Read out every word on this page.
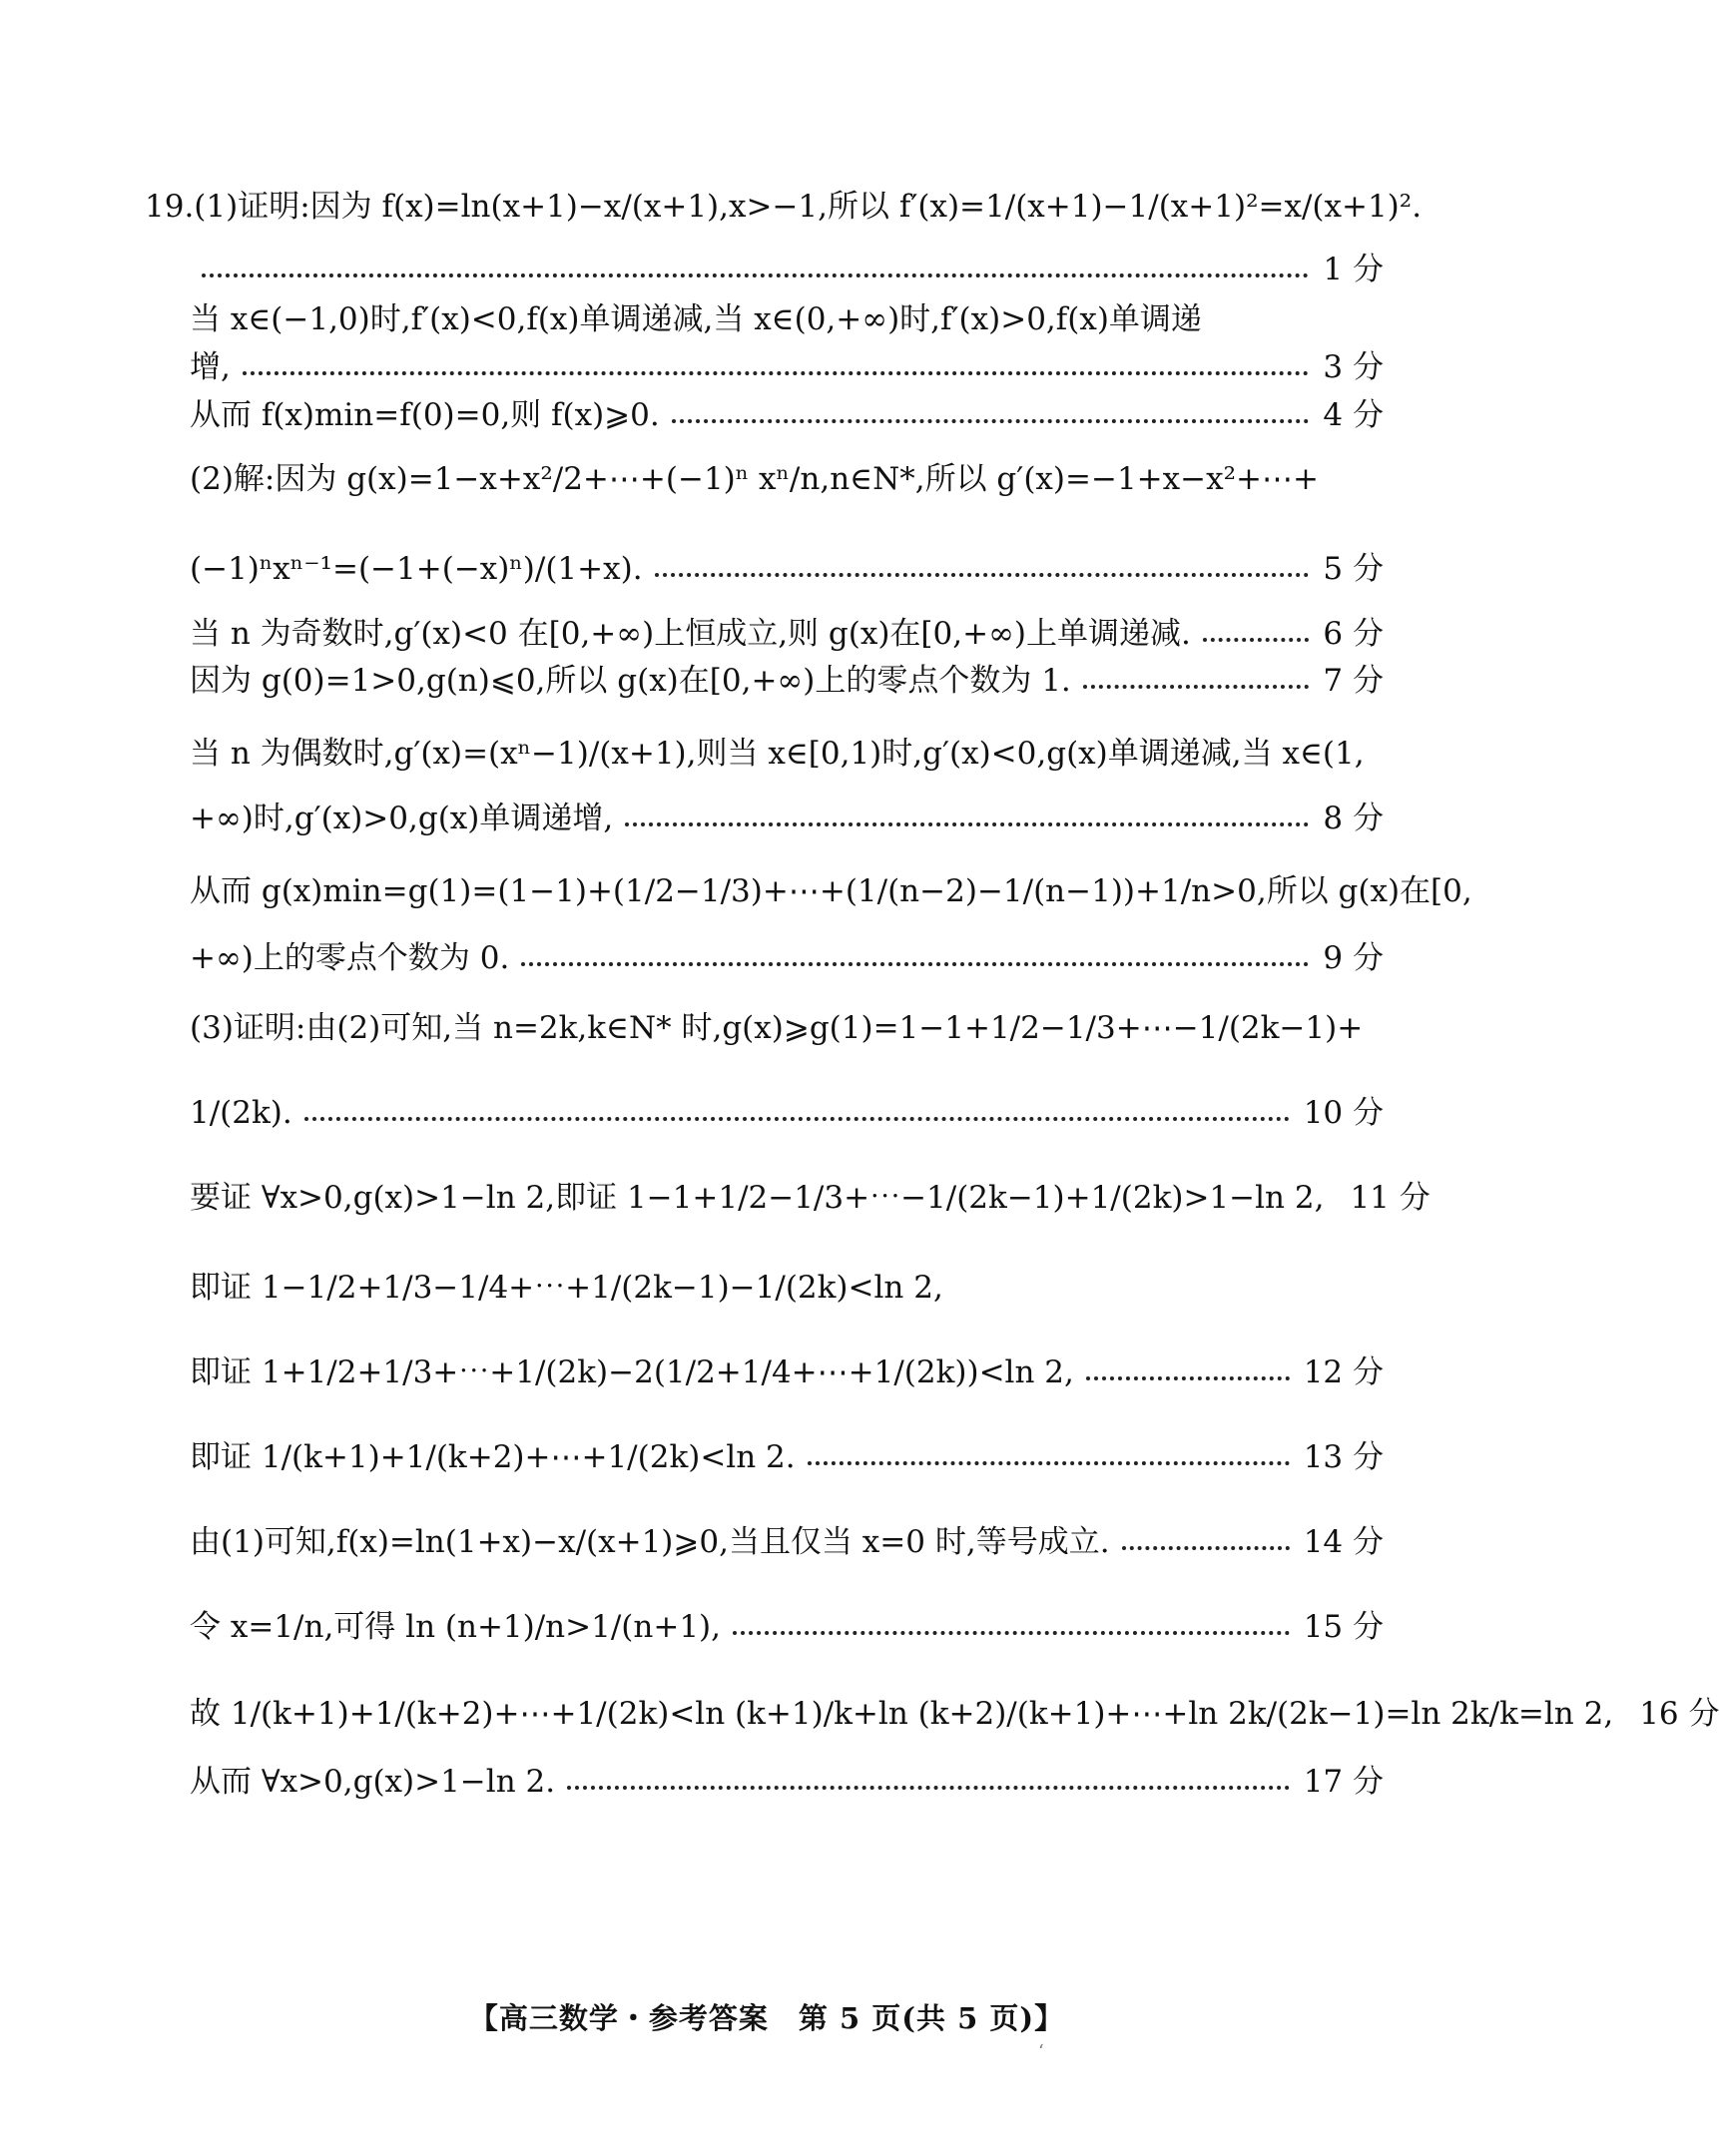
19.(1)证明:因为 f(x)=ln(x+1)−x/(x+1),x>−1,所以 f′(x)=1/(x+1)−1/(x+1)²=x/(x+1)².
1 分
当 x∈(−1,0)时,f′(x)<0,f(x)单调递减,当 x∈(0,+∞)时,f′(x)>0,f(x)单调递
增,	3 分
从而 f(x)min=f(0)=0,则 f(x)⩾0.	4 分
(2)解:因为 g(x)=1−x+x²/2+⋯+(−1)ⁿ xⁿ/n,n∈N*,所以 g′(x)=−1+x−x²+⋯+
(−1)ⁿxⁿ⁻¹=(−1+(−x)ⁿ)/(1+x).	5 分
当 n 为奇数时,g′(x)<0 在[0,+∞)上恒成立,则 g(x)在[0,+∞)上单调递减.	6 分
因为 g(0)=1>0,g(n)⩽0,所以 g(x)在[0,+∞)上的零点个数为 1.	7 分
当 n 为偶数时,g′(x)=(xⁿ−1)/(x+1),则当 x∈[0,1)时,g′(x)<0,g(x)单调递减,当 x∈(1,
+∞)时,g′(x)>0,g(x)单调递增,	8 分
从而 g(x)min=g(1)=(1−1)+(1/2−1/3)+⋯+(1/(n−2)−1/(n−1))+1/n>0,所以 g(x)在[0,
+∞)上的零点个数为 0.	9 分
(3)证明:由(2)可知,当 n=2k,k∈N* 时,g(x)⩾g(1)=1−1+1/2−1/3+⋯−1/(2k−1)+
1/(2k).	10 分
要证 ∀x>0,g(x)>1−ln 2,即证 1−1+1/2−1/3+⋯−1/(2k−1)+1/(2k)>1−ln 2, 11 分
即证 1−1/2+1/3−1/4+⋯+1/(2k−1)−1/(2k)<ln 2,
即证 1+1/2+1/3+⋯+1/(2k)−2(1/2+1/4+⋯+1/(2k))<ln 2,	12 分
即证 1/(k+1)+1/(k+2)+⋯+1/(2k)<ln 2.	13 分
由(1)可知,f(x)=ln(1+x)−x/(x+1)⩾0,当且仅当 x=0 时,等号成立.	14 分
令 x=1/n,可得 ln (n+1)/n>1/(n+1),	15 分
故 1/(k+1)+1/(k+2)+⋯+1/(2k)<ln (k+1)/k+ln (k+2)/(k+1)+⋯+ln 2k/(2k−1)=ln 2k/k=ln 2, 16 分
从而 ∀x>0,g(x)>1−ln 2.	17 分
【高三数学・参考答案　第 5 页(共 5 页)】
ʻ
